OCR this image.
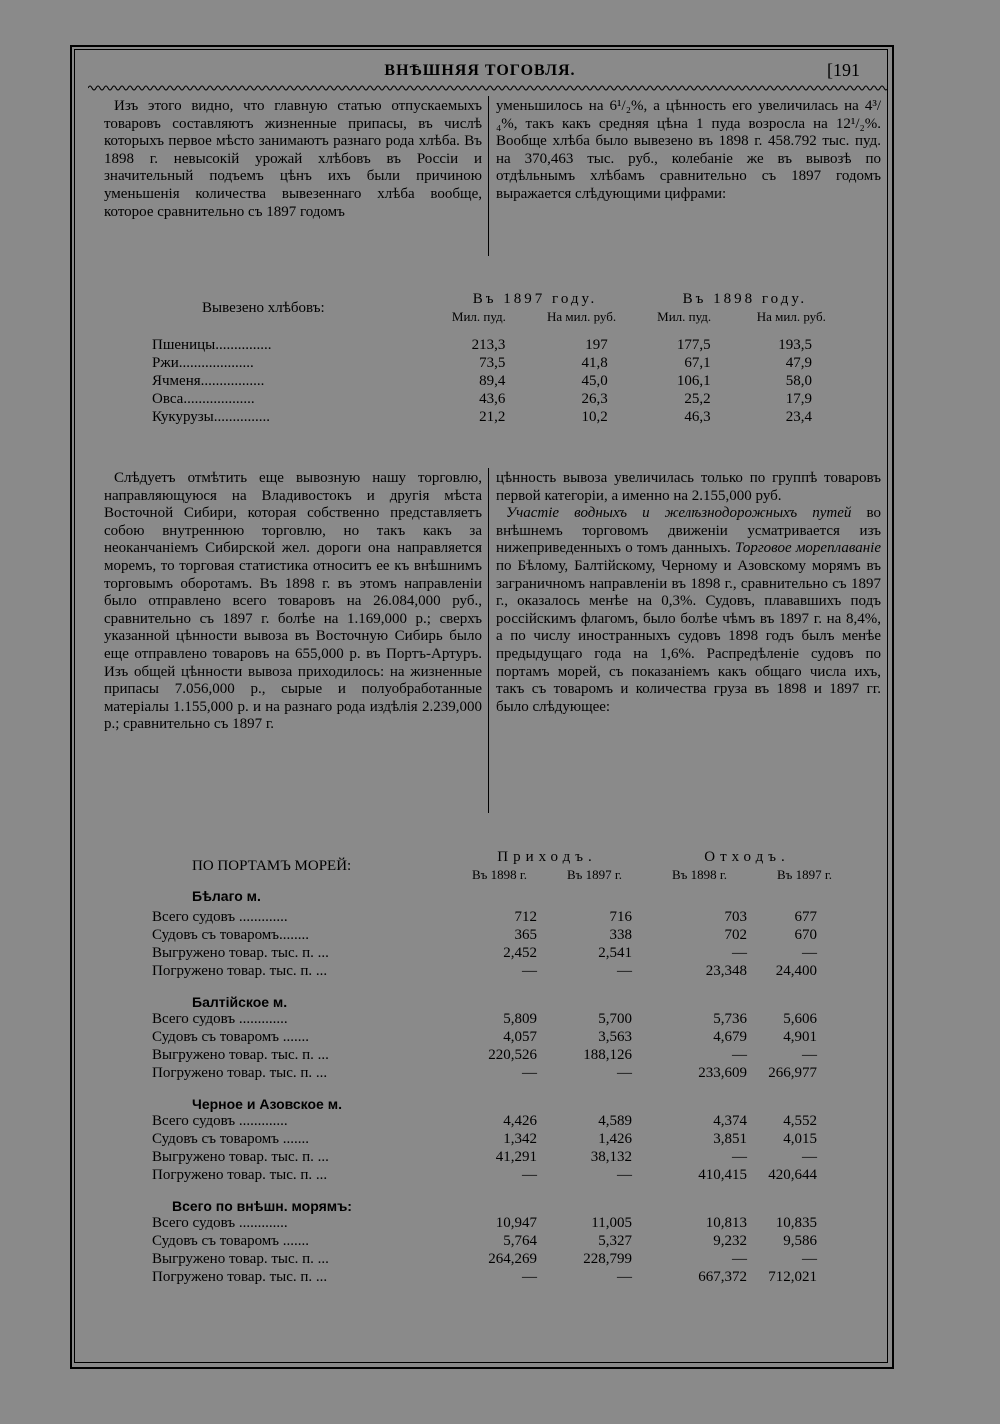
ВНѢШНЯЯ ТОГОВЛЯ.	[191

Изъ этого видно, что главную статью отпускаемыхъ товаровъ составляютъ жизненные припасы, въ числѣ которыхъ первое мѣсто занимаютъ разнаго рода хлѣба. Въ 1898 г. невысокій урожай хлѣбовъ въ Россіи и значительный подъемъ цѣнъ ихъ были причиною уменьшенія количества вывезеннаго хлѣба вообще, которое сравнительно съ 1897 годомъ

уменьшилось на 6¹/₂%, а цѣнность его увеличилась на 4³/₄%, такъ какъ средняя цѣна 1 пуда возросла на 12¹/₂%. Вообще хлѣба было вывезено въ 1898 г. 458.792 тыс. пуд. на 370,463 тыс. руб., колебаніе же въ вывозѣ по отдѣльнымъ хлѣбамъ сравнительно съ 1897 годомъ выражается слѣдующими цифрами:

Вывезено хлѣбовъ:	Въ 1897 году.		Въ 1898 году.	
	Мил. пуд.	На мил. руб.	Мил. пуд.	На мил. руб.

Пшеницы...............	213,3	197	177,5	193,5
Ржи....................	73,5	41,8	67,1	47,9
Ячменя.................	89,4	45,0	106,1	58,0
Овса...................	43,6	26,3	25,2	17,9
Кукурузы...............	21,2	10,2	46,3	23,4

Слѣдуетъ отмѣтить еще вывозную нашу торговлю, направляющуюся на Владивостокъ и другія мѣста Восточной Сибири, которая собственно представляетъ собою внутреннюю торговлю, но такъ какъ за неоканчаніемъ Сибирской жел. дороги она направляется моремъ, то торговая статистика относитъ ее къ внѣшнимъ торговымъ оборотамъ. Въ 1898 г. въ этомъ направленіи было отправлено всего товаровъ на 26.084,000 руб., сравнительно съ 1897 г. болѣе на 1.169,000 р.; сверхъ указанной цѣнности вывоза въ Восточную Сибирь было еще отправлено товаровъ на 655,000 р. въ Портъ-Артуръ. Изъ общей цѣнности вывоза приходилось: на жизненные припасы 7.056,000 р., сырые и полуобработанные матеріалы 1.155,000 р. и на разнаго рода издѣлія 2.239,000 р.; сравнительно съ 1897 г.

цѣнность вывоза увеличилась только по группѣ товаровъ первой категоріи, а именно на 2.155,000 руб.

Участіе водныхъ и желѣзнодорожныхъ путей во внѣшнемъ торговомъ движеніи усматривается изъ нижеприведенныхъ о томъ данныхъ. Торговое мореплаваніе по Бѣлому, Балтійскому, Черному и Азовскому морямъ въ заграничномъ направленіи въ 1898 г., сравнительно съ 1897 г., оказалось менѣе на 0,3%. Судовъ, плававшихъ подъ россійскимъ флагомъ, было болѣе чѣмъ въ 1897 г. на 8,4%, а по числу иностранныхъ судовъ 1898 годъ былъ менѣе предыдущаго года на 1,6%. Распредѣленіе судовъ по портамъ морей, съ показаніемъ какъ общаго числа ихъ, такъ съ товаромъ и количества груза въ 1898 и 1897 гг. было слѣдующее:

ПО ПОРТАМЪ МОРЕЙ:	Приходъ.		Отходъ.	
	Въ 1898 г.	Въ 1897 г.	Въ 1898 г.	Въ 1897 г.
Бѣлаго м.				
Всего судовъ .............	712	716	703	677
Судовъ съ товаромъ........	365	338	702	670
Выгружено товар. тыс. п. ...	2,452	2,541	—	—
Погружено товар. тыс. п. ...	—	—	23,348	24,400
Балтійское м.				
Всего судовъ .............	5,809	5,700	5,736	5,606
Судовъ съ товаромъ .......	4,057	3,563	4,679	4,901
Выгружено товар. тыс. п. ...	220,526	188,126	—	—
Погружено товар. тыс. п. ...	—	—	233,609	266,977
Черное и Азовское м.				
Всего судовъ .............	4,426	4,589	4,374	4,552
Судовъ съ товаромъ .......	1,342	1,426	3,851	4,015
Выгружено товар. тыс. п. ...	41,291	38,132	—	—
Погружено товар. тыс. п. ...	—	—	410,415	420,644
Всего по внѣшн. морямъ:				
Всего судовъ .............	10,947	11,005	10,813	10,835
Судовъ съ товаромъ .......	5,764	5,327	9,232	9,586
Выгружено товар. тыс. п. ...	264,269	228,799	—	—
Погружено товар. тыс. п. ...	—	—	667,372	712,021
